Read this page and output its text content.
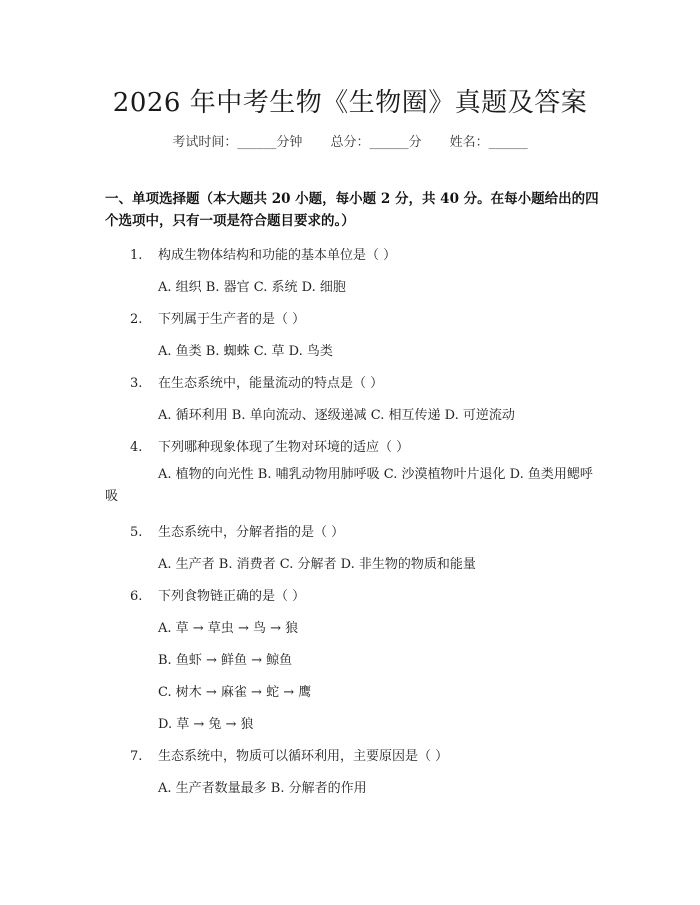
2026 年中考生物《生物圈》真题及答案
考试时间：______分钟 总分：______分 姓名：______
一、单项选择题（本大题共 20 小题，每小题 2 分，共 40 分。在每小题给出的四个选项中，只有一项是符合题目要求的。）
1. 构成生物体结构和功能的基本单位是（ ）
A. 组织 B. 器官 C. 系统 D. 细胞
2. 下列属于生产者的是（ ）
A. 鱼类 B. 蜘蛛 C. 草 D. 鸟类
3. 在生态系统中，能量流动的特点是（ ）
A. 循环利用 B. 单向流动、逐级递减 C. 相互传递 D. 可逆流动
4. 下列哪种现象体现了生物对环境的适应（ ）
A. 植物的向光性 B. 哺乳动物用肺呼吸 C. 沙漠植物叶片退化 D. 鱼类用鳃呼吸
5. 生态系统中，分解者指的是（ ）
A. 生产者 B. 消费者 C. 分解者 D. 非生物的物质和能量
6. 下列食物链正确的是（ ）
A. 草 → 草虫 → 鸟 → 狼
B. 鱼虾 → 鲜鱼 → 鲸鱼
C. 树木 → 麻雀 → 蛇 → 鹰
D. 草 → 兔 → 狼
7. 生态系统中，物质可以循环利用，主要原因是（ ）
A. 生产者数量最多 B. 分解者的作用
